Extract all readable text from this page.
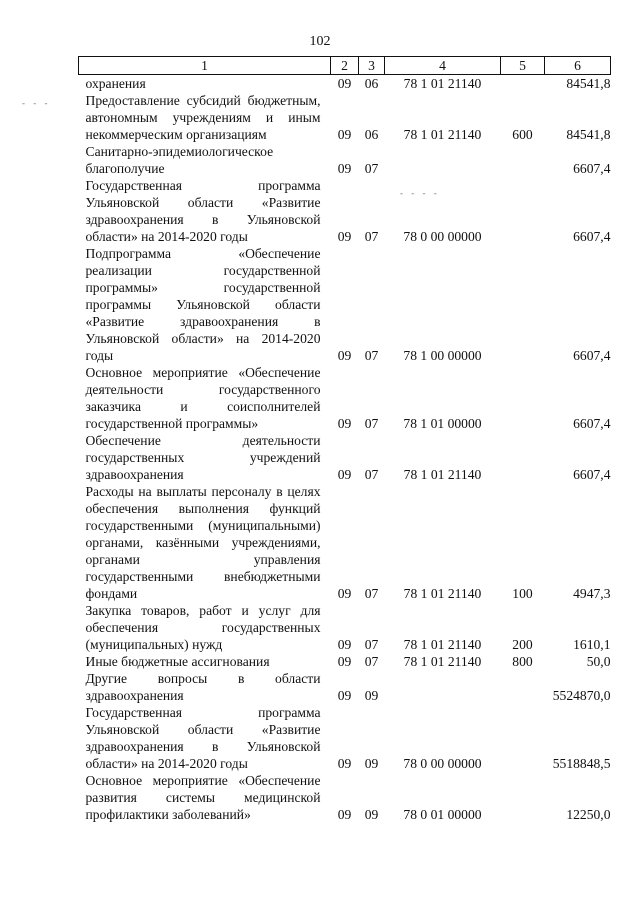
102
- - -
- - - -
1	2	3	4	5	6
охранения	09	06	78 1 01 21140		84541,8
Предоставление субсидий бюджетным, автономным учреждениям и иным некоммерческим организациям	09	06	78 1 01 21140	600	84541,8
Санитарно-эпидемиологическое благополучие	09	07			6607,4
Государственная программа Ульяновской области «Развитие здравоохранения в Ульяновской области» на 2014-2020 годы	09	07	78 0 00 00000		6607,4
Подпрограмма «Обеспечение реализации государственной программы» государственной программы Ульяновской области «Развитие здравоохранения в Ульяновской области» на 2014-2020 годы	09	07	78 1 00 00000		6607,4
Основное мероприятие «Обеспечение деятельности государственного заказчика и соисполнителей государственной программы»	09	07	78 1 01 00000		6607,4
Обеспечение деятельности государственных учреждений здравоохранения	09	07	78 1 01 21140		6607,4
Расходы на выплаты персоналу в целях обеспечения выполнения функций государственными (муниципальными) органами, казёнными учреждениями, органами управления государственными внебюджетными фондами	09	07	78 1 01 21140	100	4947,3
Закупка товаров, работ и услуг для обеспечения государственных (муниципальных) нужд	09	07	78 1 01 21140	200	1610,1
Иные бюджетные ассигнования	09	07	78 1 01 21140	800	50,0
Другие вопросы в области здравоохранения	09	09			5524870,0
Государственная программа Ульяновской области «Развитие здравоохранения в Ульяновской области» на 2014-2020 годы	09	09	78 0 00 00000		5518848,5
Основное мероприятие «Обеспечение развития системы медицинской профилактики заболеваний»	09	09	78 0 01 00000		12250,0
